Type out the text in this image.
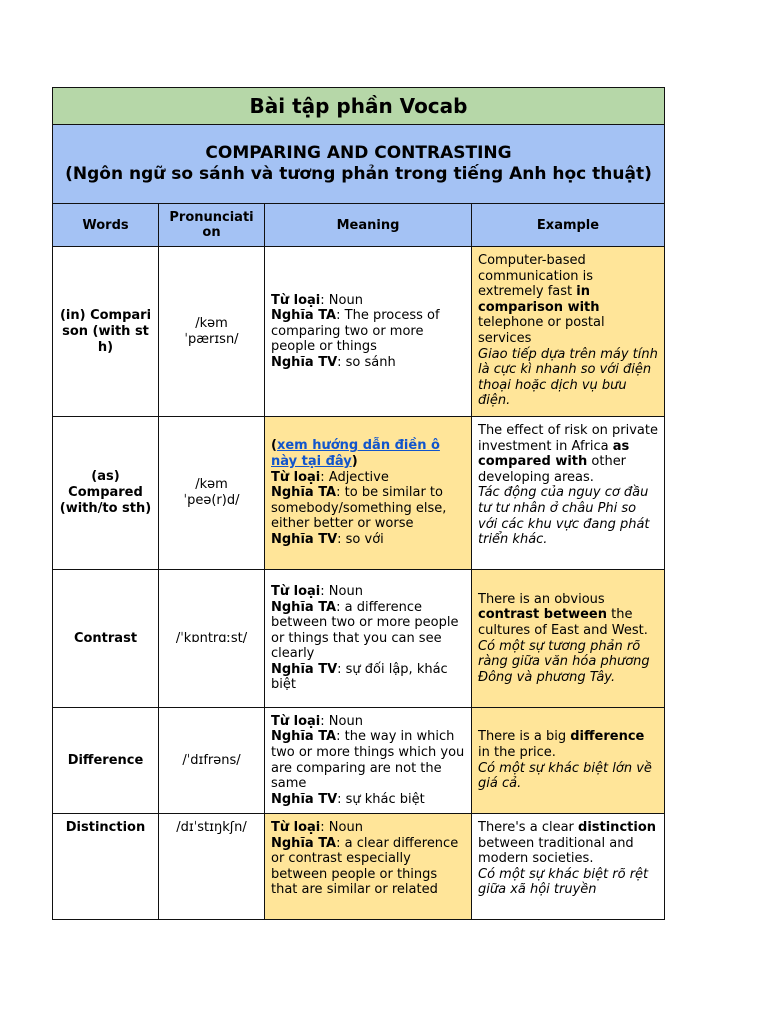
Bài tập phần Vocab			

COMPARING AND CONTRASTING
(Ngôn ngữ so sánh và tương phản trong tiếng Anh học thuật)			

Words	Pronunciation	Meaning	Example
(in) Comparison (with sth)	/kəmˈpærɪsn/	Từ loại: Noun
Nghĩa TA: The process of comparing two or more people or things
Nghĩa TV: so sánh	Computer-based communication is extremely fast in comparison with telephone or postal services
Giao tiếp dựa trên máy tính là cực kì nhanh so với điện thoại hoặc dịch vụ bưu điện.
(as) Compared (with/to sth)	/kəmˈpeə(r)d/	(xem hướng dẫn điền ô này tại đây)
Từ loại: Adjective
Nghĩa TA: to be similar to somebody/something else, either better or worse
Nghĩa TV: so với	The effect of risk on private investment in Africa as compared with other developing areas.
Tác động của nguy cơ đầu tư tư nhân ở châu Phi so với các khu vực đang phát triển khác.
Contrast	/ˈkɒntrɑːst/	Từ loại: Noun
Nghĩa TA: a difference between two or more people or things that you can see clearly
Nghĩa TV: sự đối lập, khác biệt	There is an obvious contrast between the cultures of East and West.
Có một sự tương phản rõ ràng giữa văn hóa phương Đông và phương Tây.
Difference	/ˈdɪfrəns/	Từ loại: Noun
Nghĩa TA: the way in which two or more things which you are comparing are not the same
Nghĩa TV: sự khác biệt	There is a big difference in the price.
Có một sự khác biệt lớn về giá cả.
Distinction	/dɪˈstɪŋkʃn/	Từ loại: Noun
Nghĩa TA: a clear difference or contrast especially between people or things that are similar or related	There's a clear distinction between traditional and modern societies.
Có một sự khác biệt rõ rệt giữa xã hội truyền
